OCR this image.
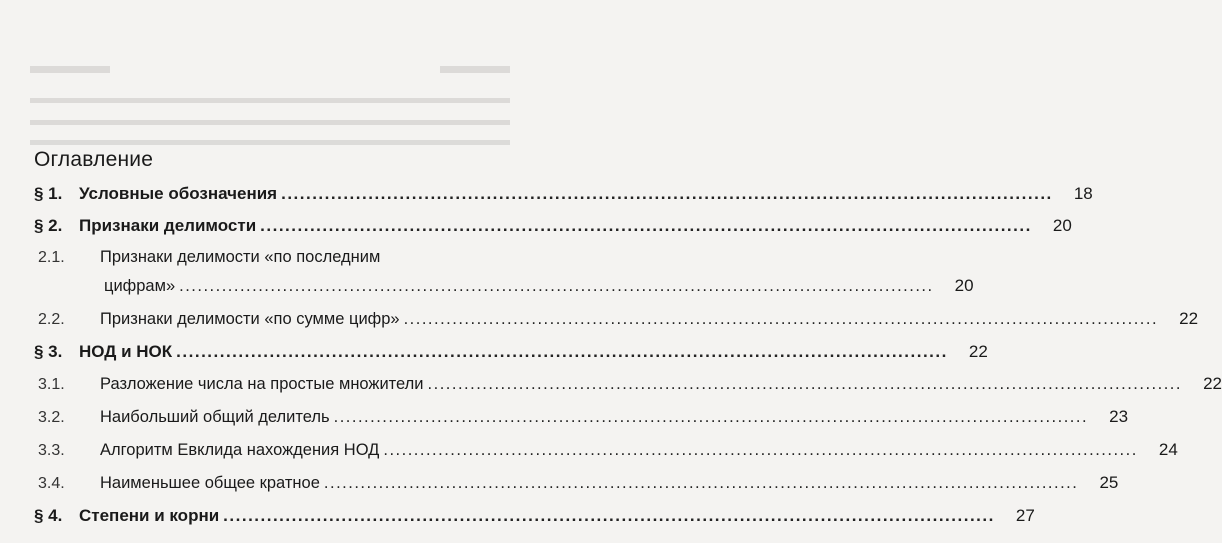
Оглавление
§ 1. Условные обозначения .....	18
§ 2. Признаки делимости .....	20
2.1.	Признаки делимости «по последним
цифрам» .....	20
2.2.	Признаки делимости «по сумме цифр» .....	22
§ 3. НОД и НОК .....	22
3.1.	Разложение числа на простые множители .....	22
3.2.	Наибольший общий делитель .....	23
3.3.	Алгоритм Евклида нахождения НОД .....	24
3.4.	Наименьшее общее кратное .....	25
§ 4. Степени и корни .....	27
